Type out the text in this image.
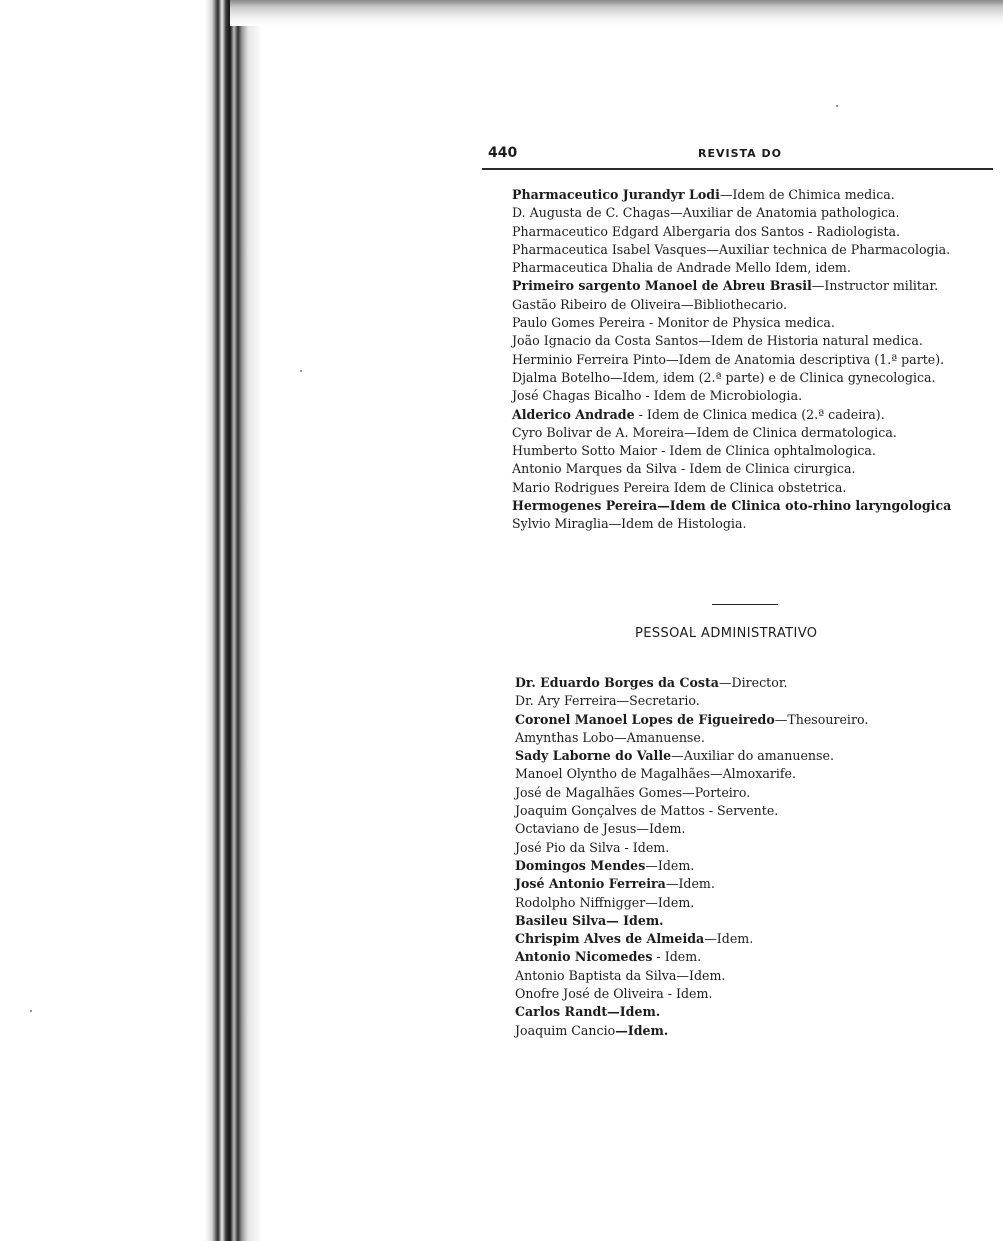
440	REVISTA DO
Pharmaceutico Jurandyr Lodi—Idem de Chimica medica.
D. Augusta de C. Chagas—Auxiliar de Anatomia pathologica.
Pharmaceutico Edgard Albergaria dos Santos - Radiologista.
Pharmaceutica Isabel Vasques—Auxiliar technica de Pharmacologia.
Pharmaceutica Dhalia de Andrade Mello Idem, idem.
Primeiro sargento Manoel de Abreu Brasil—Instructor militar.
Gastão Ribeiro de Oliveira—Bibliothecario.
Paulo Gomes Pereira - Monitor de Physica medica.
João Ignacio da Costa Santos—Idem de Historia natural medica.
Herminio Ferreira Pinto—Idem de Anatomia descriptiva (1.ª parte).
Djalma Botelho—Idem, idem (2.ª parte) e de Clinica gynecologica.
José Chagas Bicalho - Idem de Microbiologia.
Alderico Andrade - Idem de Clinica medica (2.ª cadeira).
Cyro Bolivar de A. Moreira—Idem de Clinica dermatologica.
Humberto Sotto Maior - Idem de Clinica ophtalmologica.
Antonio Marques da Silva - Idem de Clinica cirurgica.
Mario Rodrigues Pereira Idem de Clinica obstetrica.
Hermogenes Pereira—Idem de Clinica oto-rhino laryngologica
Sylvio Miraglia—Idem de Histologia.
PESSOAL ADMINISTRATIVO
Dr. Eduardo Borges da Costa—Director.
Dr. Ary Ferreira—Secretario.
Coronel Manoel Lopes de Figueiredo—Thesoureiro.
Amynthas Lobo—Amanuense.
Sady Laborne do Valle—Auxiliar do amanuense.
Manoel Olyntho de Magalhães—Almoxarife.
José de Magalhães Gomes—Porteiro.
Joaquim Gonçalves de Mattos - Servente.
Octaviano de Jesus—Idem.
José Pio da Silva - Idem.
Domingos Mendes—Idem.
José Antonio Ferreira—Idem.
Rodolpho Niffnigger—Idem.
Basileu Silva— Idem.
Chrispim Alves de Almeida—Idem.
Antonio Nicomedes - Idem.
Antonio Baptista da Silva—Idem.
Onofre José de Oliveira - Idem.
Carlos Randt—Idem.
Joaquim Cancio—Idem.
